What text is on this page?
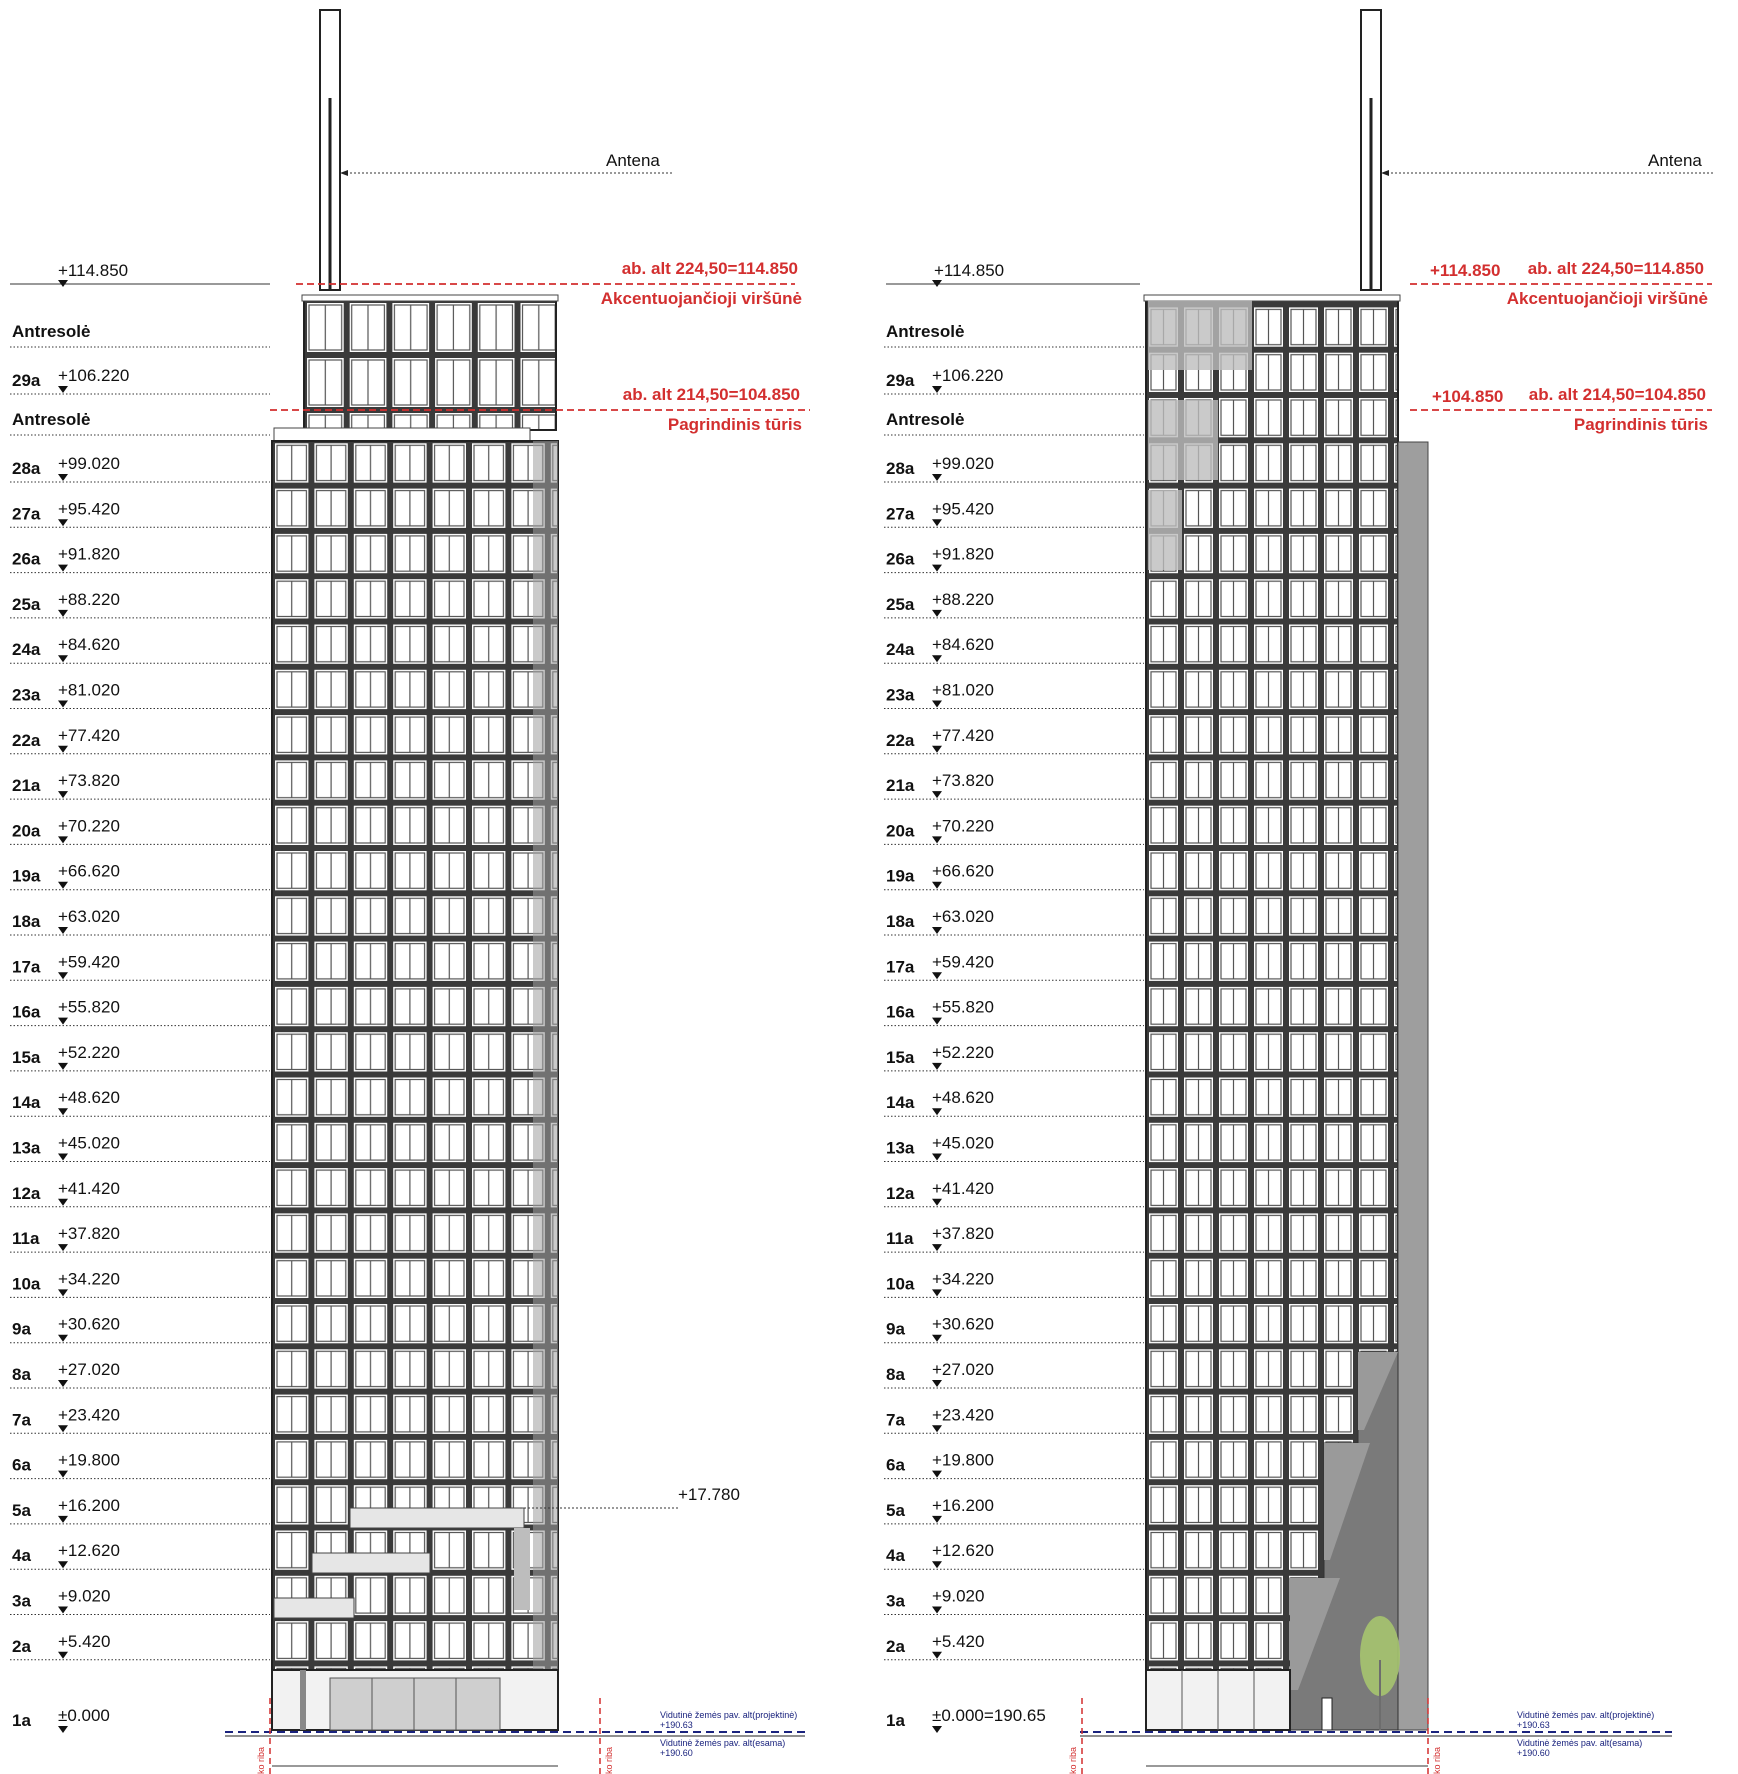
Antresolė
Antresolė
29a +106.220
28a +99.020
27a +95.420
26a +91.820
25a +88.220
24a +84.620
23a +81.020
22a +77.420
21a +73.820
20a +70.220
19a +66.620
18a +63.020
17a +59.420
16a +55.820
15a +52.220
14a +48.620
13a +45.020
12a +41.420
11a +37.820
10a +34.220
9a +30.620
8a +27.020
7a +23.420
6a +19.800
5a +16.200
4a +12.620
3a +9.020
2a +5.420
1a ±0.000
Antresolė
Antresolė
29a +106.220
28a +99.020
27a +95.420
26a +91.820
25a +88.220
24a +84.620
23a +81.020
22a +77.420
21a +73.820
20a +70.220
19a +66.620
18a +63.020
17a +59.420
16a +55.820
15a +52.220
14a +48.620
13a +45.020
12a +41.420
11a +37.820
10a +34.220
9a +30.620
8a +27.020
7a +23.420
6a +19.800
5a +16.200
4a +12.620
3a +9.020
2a +5.420
1a ±0.000=190.65
Antena	Antena
+114.850	+114.850
ab. alt 224,50=114.850
Akcentuojančioji viršūnė
ab. alt 214,50=104.850
Pagrindinis tūris
+114.850 ab. alt 224,50=114.850
Akcentuojančioji viršūnė
+104.850 ab. alt 214,50=104.850
Pagrindinis tūris
+17.780
Vidutinė žemės pav. alt(projektinė)
+190.63
Vidutinė žemės pav. alt(esama)
+190.60
Vidutinė žemės pav. alt(projektinė)
+190.63
Vidutinė žemės pav. alt(esama)
+190.60
ko riba	ko riba	ko riba	ko riba
